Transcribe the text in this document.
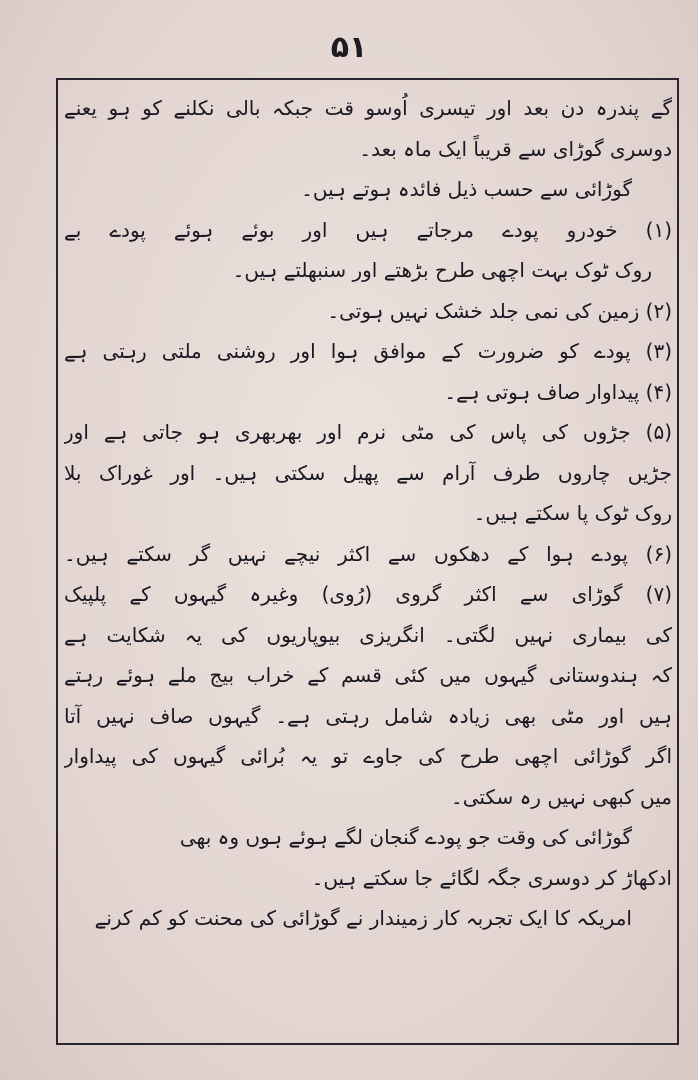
۵۱
گے پندرہ دن بعد اور تیسری اُوسو قت جبکہ بالی نکلنے کو ہو یعنے
دوسری گوڑای سے قریباً ایک ماہ بعد۔
گوڑائی سے حسب ذیل فائدہ ہوتے ہیں۔
(۱) خودرو پودے مرجاتے ہیں اور بوئے ہوئے پودے بے
روک ٹوک بہت اچھی طرح بڑھتے اور سنبھلتے ہیں۔
(۲) زمین کی نمی جلد خشک نہیں ہوتی۔
(۳) پودے کو ضرورت کے موافق ہوا اور روشنی ملتی رہتی ہے
(۴) پیداوار صاف ہوتی ہے۔
(۵) جڑوں کی پاس کی مٹی نرم اور بھربھری ہو جاتی ہے اور
جڑیں چاروں طرف آرام سے پھیل سکتی ہیں۔ اور غوراک بلا
روک ٹوک پا سکتے ہیں۔
(۶) پودے ہوا کے دھکوں سے اکثر نیچے نہیں گر سکتے ہیں۔
(۷) گوڑای سے اکثر گروی (رُوی) وغیرہ گیہوں کے پلپیک
کی بیماری نہیں لگتی۔ انگریزی بیوپاریوں کی یہ شکایت ہے
کہ ہندوستانی گیہوں میں کئی قسم کے خراب بیج ملے ہوئے رہتے
ہیں اور مٹی بھی زیادہ شامل رہتی ہے۔ گیہوں صاف نہیں آتا
اگر گوڑائی اچھی طرح کی جاوے تو یہ بُرائی گیہوں کی پیداوار
میں کبھی نہیں رہ سکتی۔
گوڑائی کی وقت جو پودے گنجان لگے ہوئے ہوں وہ بھی
ادکھاڑ کر دوسری جگہ لگائے جا سکتے ہیں۔
امریکہ کا ایک تجربہ کار زمیندار نے گوڑائی کی محنت کو کم کرنے
